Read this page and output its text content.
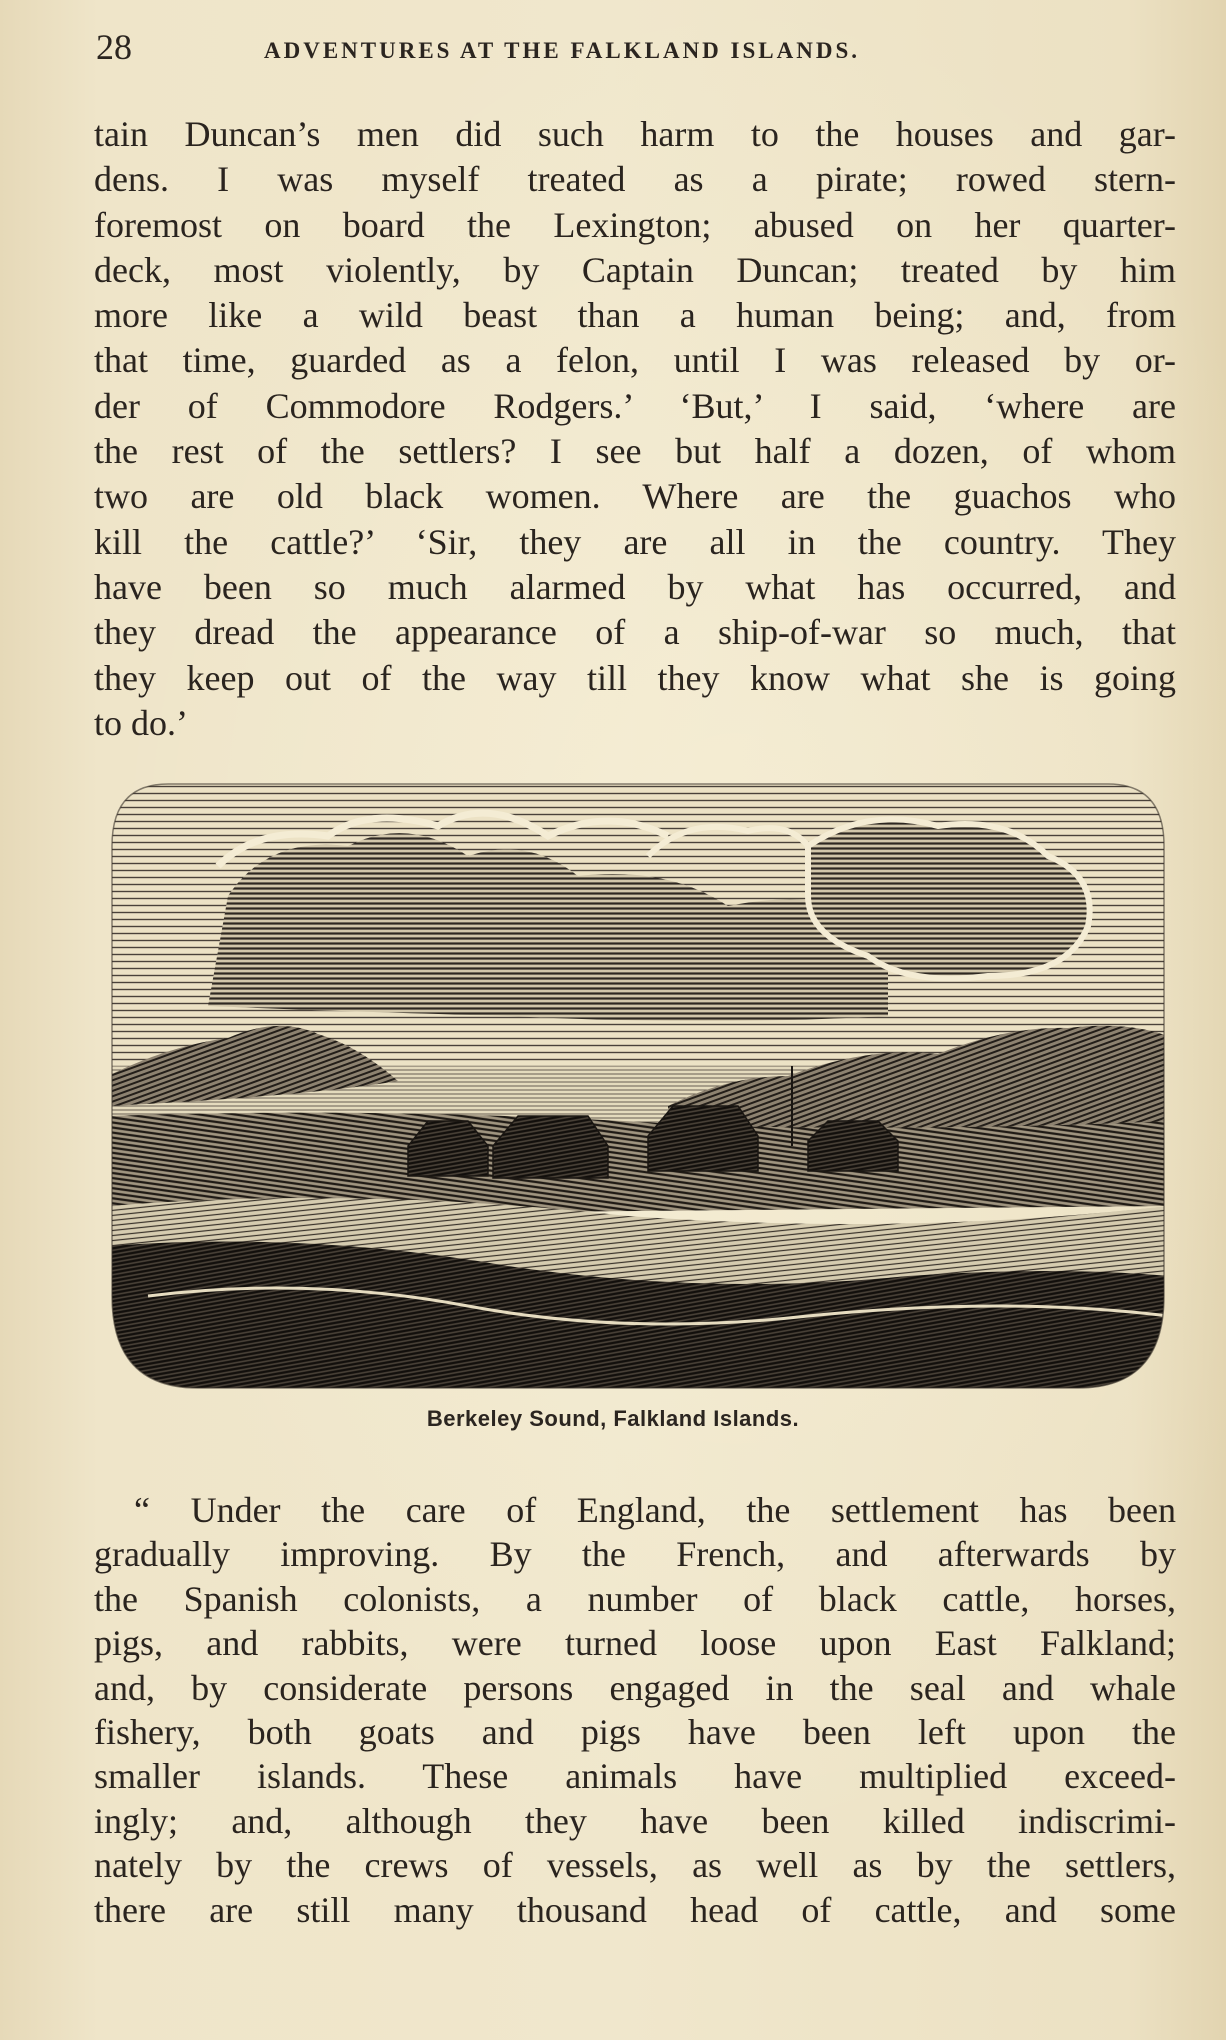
28	ADVENTURES AT THE FALKLAND ISLANDS.
tain Duncan’s men did such harm to the houses and gar-
dens. I was myself treated as a pirate; rowed stern-
foremost on board the Lexington; abused on her quarter-
deck, most violently, by Captain Duncan; treated by him
more like a wild beast than a human being; and, from
that time, guarded as a felon, until I was released by or-
der of Commodore Rodgers.’ ‘But,’ I said, ‘where are
the rest of the settlers? I see but half a dozen, of whom
two are old black women. Where are the guachos who
kill the cattle?’ ‘Sir, they are all in the country. They
have been so much alarmed by what has occurred, and
they dread the appearance of a ship-of-war so much, that
they keep out of the way till they know what she is going
to do.’
Berkeley Sound, Falkland Islands.
“ Under the care of England, the settlement has been
gradually improving. By the French, and afterwards by
the Spanish colonists, a number of black cattle, horses,
pigs, and rabbits, were turned loose upon East Falkland;
and, by considerate persons engaged in the seal and whale
fishery, both goats and pigs have been left upon the
smaller islands. These animals have multiplied exceed-
ingly; and, although they have been killed indiscrimi-
nately by the crews of vessels, as well as by the settlers,
there are still many thousand head of cattle, and some
